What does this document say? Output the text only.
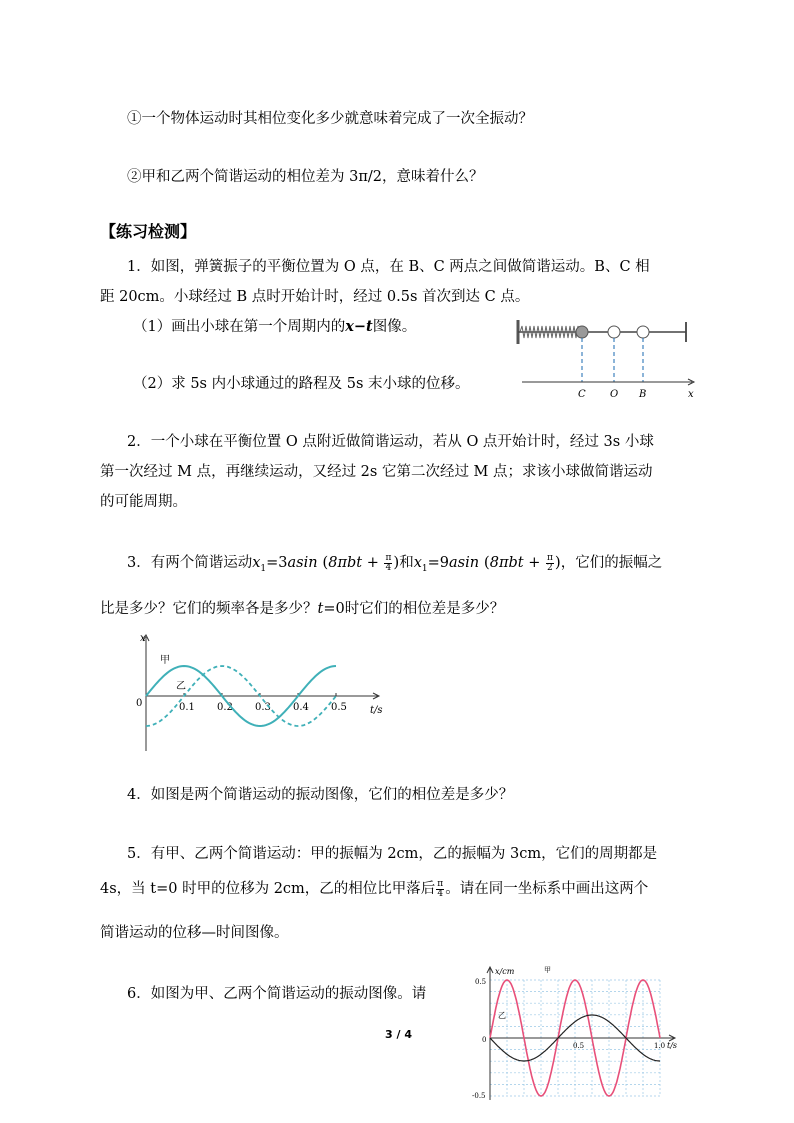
①一个物体运动时其相位变化多少就意味着完成了一次全振动？
②甲和乙两个简谐运动的相位差为 3π/2，意味着什么？
【练习检测】
1．如图，弹簧振子的平衡位置为 O 点，在 B、C 两点之间做简谐运动。B、C 相
距 20cm。小球经过 B 点时开始计时，经过 0.5s 首次到达 C 点。
（1）画出小球在第一个周期内的x−t图像。
（2）求 5s 内小球通过的路程及 5s 末小球的位移。
C O B	x
2．一个小球在平衡位置 O 点附近做简谐运动，若从 O 点开始计时，经过 3s 小球
第一次经过 M 点，再继续运动，又经过 2s 它第二次经过 M 点；求该小球做简谐运动
的可能周期。
3．有两个简谐运动$x_1=3asin$ ($8\pi bt + \frac{\pi}{4}$ )和$x_1=9asin$ ($8\pi bt + \frac{\pi}{2}$ )，它们的振幅之
比是多少？它们的频率各是多少？t=0时它们的相位差是多少？
x
t/s
0
甲
乙
0.1 0.2 0.3 0.4 0.5
4．如图是两个简谐运动的振动图像，它们的相位差是多少？
5．有甲、乙两个简谐运动：甲的振幅为 2cm，乙的振幅为 3cm，它们的周期都是
4s，当 t=0 时甲的位移为 2cm，乙的相位比甲落后 $\frac{\pi}{4}$ 。请在同一坐标系中画出这两个
简谐运动的位移—时间图像。
6．如图为甲、乙两个简谐运动的振动图像。请
x/cm
t/s
0.5
-0.5
0
0.5	1.0
甲
乙
3 / 4
